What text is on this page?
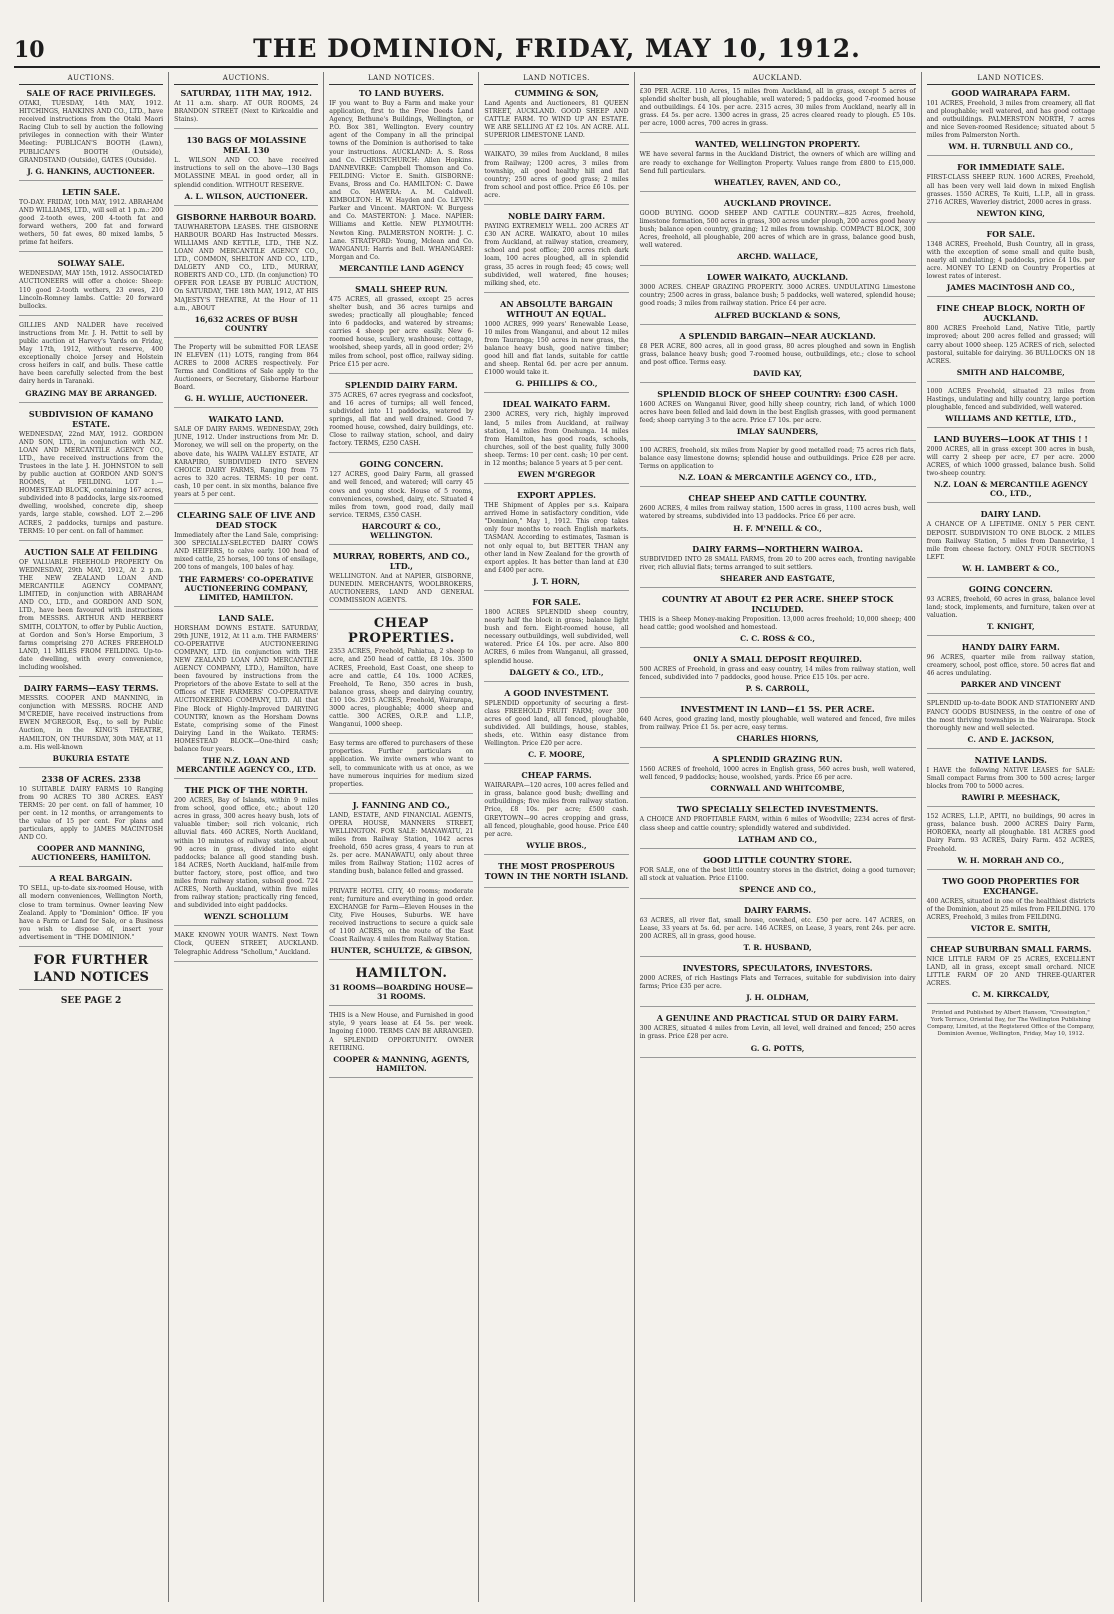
10	THE DOMINION, FRIDAY, MAY 10, 1912.
AUCTIONS.
SALE OF RACE PRIVILEGES.
OTAKI, TUESDAY, 14th MAY, 1912. HITCHINGS, HANKINS AND CO., LTD., have received instructions from the Otaki Maori Racing Club to sell by auction the following privileges in connection with their Winter Meeting: PUBLICAN'S BOOTH (Lawn), PUBLICAN'S BOOTH (Outside), GRANDSTAND (Outside), GATES (Outside).
J. G. HANKINS, AUCTIONEER.
LETIN SALE.
TO-DAY. FRIDAY, 10th MAY, 1912. ABRAHAM AND WILLIAMS, LTD., will sell at 1 p.m.: 200 good 2-tooth ewes, 200 4-tooth fat and forward wethers, 200 fat and forward wethers, 50 fat ewes, 80 mixed lambs, 5 prime fat heifers.
SOLWAY SALE.
WEDNESDAY, MAY 15th, 1912. ASSOCIATED AUCTIONEERS will offer a choice: Sheep: 110 good 2-tooth wethers, 23 ewes, 210 Lincoln-Romney lambs. Cattle: 20 forward bullocks.
GILLIES AND NALDER have received instructions from Mr. J. H. Pettit to sell by public auction at Harvey's Yards on Friday, May 17th, 1912, without reserve, 400 exceptionally choice Jersey and Holstein cross heifers in calf, and bulls. These cattle have been carefully selected from the best dairy herds in Taranaki.
GRAZING MAY BE ARRANGED.
SUBDIVISION OF KAMANO ESTATE.
WEDNESDAY, 22nd MAY, 1912. GORDON AND SON, LTD., in conjunction with N.Z. LOAN AND MERCANTILE AGENCY CO., LTD., have received instructions from the Trustees in the late J. H. JOHNSTON to sell by public auction at GORDON AND SON'S ROOMS, at FEILDING. LOT 1.—HOMESTEAD BLOCK, containing 167 acres, subdivided into 8 paddocks, large six-roomed dwelling, woolshed, concrete dip, sheep yards, large stable, cowshed. LOT 2.—296 ACRES, 2 paddocks, turnips and pasture. TERMS: 10 per cent. on fall of hammer.
AUCTION SALE AT FEILDING
OF VALUABLE FREEHOLD PROPERTY On WEDNESDAY, 29th MAY, 1912, At 2 p.m. THE NEW ZEALAND LOAN AND MERCANTILE AGENCY COMPANY, LIMITED, in conjunction with ABRAHAM AND CO., LTD., and GORDON AND SON, LTD., have been favoured with instructions from MESSRS. ARTHUR AND HERBERT SMITH, COLYTON, to offer by Public Auction, at Gordon and Son's Horse Emporium, 3 farms comprising 270 ACRES FREEHOLD LAND, 11 MILES FROM FEILDING. Up-to-date dwelling, with every convenience, including woolshed.
DAIRY FARMS—EASY TERMS.
MESSRS. COOPER AND MANNING, in conjunction with MESSRS. ROCHE AND M'CREDIE, have received instructions from EWEN M'GREGOR, Esq., to sell by Public Auction, in the KING'S THEATRE, HAMILTON, ON THURSDAY, 30th MAY, at 11 a.m. His well-known
BUKURIA ESTATE
2338 OF ACRES. 2338
10 SUITABLE DAIRY FARMS 10 Ranging from 90 ACRES TO 380 ACRES. EASY TERMS: 20 per cent. on fall of hammer, 10 per cent. in 12 months, or arrangements to the value of 15 per cent. For plans and particulars, apply to JAMES MACINTOSH AND CO.
COOPER AND MANNING, AUCTIONEERS, HAMILTON.
A REAL BARGAIN.
TO SELL, up-to-date six-roomed House, with all modern conveniences, Wellington North, close to tram terminus. Owner leaving New Zealand. Apply to "Dominion" Office. IF you have a Farm or Land for Sale, or a Business you wish to dispose of, insert your advertisement in "THE DOMINION."
FOR FURTHER
LAND NOTICES
SEE PAGE 2
AUCTIONS.
SATURDAY, 11TH MAY, 1912.
At 11 a.m. sharp. AT OUR ROOMS, 24 BRANDON STREET (Next to Kirkcaldie and Stains).
130 BAGS OF MOLASSINE MEAL 130
L. WILSON AND CO. have received instructions to sell on the above—130 Bags MOLASSINE MEAL in good order, all in splendid condition. WITHOUT RESERVE.
A. L. WILSON, AUCTIONEER.
GISBORNE HARBOUR BOARD.
TAUWHARETOPA LEASES. THE GISBORNE HARBOUR BOARD Has Instructed Messrs. WILLIAMS AND KETTLE, LTD., THE N.Z. LOAN AND MERCANTILE AGENCY CO., LTD., COMMON, SHELTON AND CO., LTD., DALGETY AND CO., LTD., MURRAY, ROBERTS AND CO., LTD. (In conjunction) TO OFFER FOR LEASE BY PUBLIC AUCTION, On SATURDAY, THE 18th MAY, 1912, AT HIS MAJESTY'S THEATRE, At the Hour of 11 a.m., ABOUT
16,632 ACRES OF BUSH COUNTRY
The Property will be submitted FOR LEASE IN ELEVEN (11) LOTS, ranging from 864 ACRES to 2008 ACRES respectively. For Terms and Conditions of Sale apply to the Auctioneers, or Secretary, Gisborne Harbour Board.
G. H. WYLLIE, AUCTIONEER.
WAIKATO LAND.
SALE OF DAIRY FARMS. WEDNESDAY, 29th JUNE, 1912. Under instructions from Mr. D. Moroney, we will sell on the property, on the above date, his WAIPA VALLEY ESTATE, AT KARAPIRO, SUBDIVIDED INTO SEVEN CHOICE DAIRY FARMS, Ranging from 75 acres to 320 acres. TERMS: 10 per cent. cash, 10 per cent. in six months, balance five years at 5 per cent.
CLEARING SALE OF LIVE AND DEAD STOCK
Immediately after the Land Sale, comprising: 300 SPECIALLY-SELECTED DAIRY COWS AND HEIFERS, to calve early. 100 head of mixed cattle, 25 horses, 100 tons of ensilage, 200 tons of mangels, 100 bales of hay.
THE FARMERS' CO-OPERATIVE AUCTIONEERING COMPANY, LIMITED, HAMILTON.
LAND SALE.
HORSHAM DOWNS ESTATE. SATURDAY, 29th JUNE, 1912, At 11 a.m. THE FARMERS' CO-OPERATIVE AUCTIONEERING COMPANY, LTD. (in conjunction with THE NEW ZEALAND LOAN AND MERCANTILE AGENCY COMPANY, LTD.), Hamilton, have been favoured by instructions from the Proprietors of the above Estate to sell at the Offices of THE FARMERS' CO-OPERATIVE AUCTIONEERING COMPANY, LTD. All that Fine Block of Highly-Improved DAIRYING COUNTRY, known as the Horsham Downs Estate, comprising some of the Finest Dairying Land in the Waikato. TERMS: HOMESTEAD BLOCK—One-third cash; balance four years.
THE N.Z. LOAN AND MERCANTILE AGENCY CO., LTD.
THE PICK OF THE NORTH.
200 ACRES, Bay of Islands, within 9 miles from school, good office, etc.; about 120 acres in grass, 300 acres heavy bush, lots of valuable timber; soil rich volcanic, rich alluvial flats. 460 ACRES, North Auckland, within 10 minutes of railway station, about 90 acres in grass, divided into eight paddocks; balance all good standing bush. 184 ACRES, North Auckland, half-mile from butter factory, store, post office, and two miles from railway station, subsoil good. 724 ACRES, North Auckland, within five miles from railway station; practically ring fenced, and subdivided into eight paddocks.
WENZL SCHOLLUM
MAKE KNOWN YOUR WANTS. Next Town Clock, QUEEN STREET, AUCKLAND. Telegraphic Address "Schollum," Auckland.
LAND NOTICES.
TO LAND BUYERS.
IF you want to Buy a Farm and make your application, first to the Free Deeds Land Agency, Bethune's Buildings, Wellington, or P.O. Box 381, Wellington. Every country agent of the Company in all the principal towns of the Dominion is authorised to take your instructions. AUCKLAND: A. S. Ross and Co. CHRISTCHURCH: Allen Hopkins. DANNEVIRKE: Campbell Thomson and Co. FEILDING: Victor E. Smith. GISBORNE: Evans, Bross and Co. HAMILTON: C. Dawe and Co. HAWERA: A. M. Caldwell. KIMBOLTON: H. W. Hayden and Co. LEVIN: Parker and Vincent. MARTON: W. Burgess and Co. MASTERTON: J. Mace. NAPIER: Williams and Kettle. NEW PLYMOUTH: Newton King. PALMERSTON NORTH: J. C. Lane. STRATFORD: Young, Mclean and Co. WANGANUI: Harris and Bell. WHANGAREI: Morgan and Co.
MERCANTILE LAND AGENCY
SMALL SHEEP RUN.
475 ACRES, all grassed, except 25 acres shelter bush, and 36 acres turnips and swedes; practically all ploughable; fenced into 6 paddocks, and watered by streams; carries 4 sheep per acre easily. New 6-roomed house, scullery, washhouse; cottage, woolshed, sheep yards, all in good order; 2½ miles from school, post office, railway siding. Price £15 per acre.
SPLENDID DAIRY FARM.
375 ACRES, 67 acres ryegrass and cocksfoot, and 16 acres of turnips; all well fenced, subdivided into 11 paddocks, watered by springs, all flat and well drained. Good 7-roomed house, cowshed, dairy buildings, etc. Close to railway station, school, and dairy factory. TERMS, £250 CASH.
GOING CONCERN.
127 ACRES, good Dairy Farm, all grassed and well fenced, and watered; will carry 45 cows and young stock. House of 5 rooms, conveniences, cowshed, dairy, etc. Situated 4 miles from town, good road, daily mail service. TERMS, £350 CASH.
HARCOURT & CO., WELLINGTON.
MURRAY, ROBERTS, AND CO., LTD.,
WELLINGTON. And at NAPIER, GISBORNE, DUNEDIN. MERCHANTS, WOOLBROKERS, AUCTIONEERS, LAND AND GENERAL COMMISSION AGENTS.
CHEAP PROPERTIES.
2353 ACRES, Freehold, Pahiatua, 2 sheep to acre, and 250 head of cattle, £8 10s. 3500 ACRES, Freehold, East Coast, one sheep to acre and cattle, £4 10s. 1000 ACRES, Freehold, Te Reno, 350 acres in bush, balance grass, sheep and dairying country, £10 10s. 2915 ACRES, Freehold, Wairarapa, 3000 acres, ploughable; 4000 sheep and cattle. 300 ACRES, O.R.P. and L.I.P., Wanganui, 1000 sheep.
Easy terms are offered to purchasers of these properties. Further particulars on application. We invite owners who want to sell, to communicate with us at once, as we have numerous inquiries for medium sized properties.
J. FANNING AND CO.,
LAND, ESTATE, AND FINANCIAL AGENTS, OPERA HOUSE, MANNERS STREET, WELLINGTON. FOR SALE: MANAWATU, 21 miles from Railway Station, 1042 acres freehold, 650 acres grass, 4 years to run at 2s. per acre. MANAWATU, only about three miles from Railway Station; 1102 acres of standing bush, balance felled and grassed.
PRIVATE HOTEL CITY, 40 rooms; moderate rent; furniture and everything in good order. EXCHANGE for Farm—Eleven Houses in the City, Five Houses, Suburbs. WE have received instructions to secure a quick sale of 1100 ACRES, on the route of the East Coast Railway. 4 miles from Railway Station.
HUNTER, SCHULTZE, & GIBSON,
HAMILTON.
31 ROOMS—BOARDING HOUSE—31 ROOMS.
THIS is a New House, and Furnished in good style, 9 years lease at £4 5s. per week. Ingoing £1000. TERMS CAN BE ARRANGED. A SPLENDID OPPORTUNITY. OWNER RETIRING.
COOPER & MANNING, AGENTS, HAMILTON.
LAND NOTICES.
CUMMING & SON,
Land Agents and Auctioneers, 81 QUEEN STREET, AUCKLAND. GOOD SHEEP AND CATTLE FARM. TO WIND UP AN ESTATE. WE ARE SELLING AT £2 10s. AN ACRE. ALL SUPERIOR LIMESTONE LAND.
WAIKATO, 39 miles from Auckland, 8 miles from Railway; 1200 acres, 3 miles from township, all good healthy hill and flat country; 250 acres of good grass; 2 miles from school and post office. Price £6 10s. per acre.
NOBLE DAIRY FARM.
PAYING EXTREMELY WELL. 200 ACRES AT £30 AN ACRE. WAIKATO, about 10 miles from Auckland, at railway station, creamery, school and post office; 200 acres rich dark loam, 100 acres ploughed, all in splendid grass, 35 acres in rough feed; 45 cows; well subdivided, well watered, fine houses; milking shed, etc.
AN ABSOLUTE BARGAIN WITHOUT AN EQUAL.
1000 ACRES, 999 years' Renewable Lease, 10 miles from Wanganui, and about 12 miles from Tauranga; 150 acres in new grass, the balance heavy bush, good native timber; good hill and flat lands, suitable for cattle and sheep. Rental 6d. per acre per annum. £1000 would take it.
G. PHILLIPS & CO.,
IDEAL WAIKATO FARM.
2300 ACRES, very rich, highly improved land, 5 miles from Auckland, at railway station, 14 miles from Onehunga. 14 miles from Hamilton, has good roads, schools, churches, soil of the best quality, fully 3000 sheep. Terms: 10 per cent. cash; 10 per cent. in 12 months; balance 5 years at 5 per cent.
EWEN M'GREGOR
EXPORT APPLES.
THE Shipment of Apples per s.s. Kaipara arrived Home in satisfactory condition, vide "Dominion," May 1, 1912. This crop takes only four months to reach English markets. TASMAN. According to estimates, Tasman is not only equal to, but BETTER THAN any other land in New Zealand for the growth of export apples. It has better than land at £30 and £400 per acre.
J. T. HORN,
FOR SALE.
1800 ACRES SPLENDID sheep country, nearly half the block in grass; balance light bush and fern. Eight-roomed house, all necessary outbuildings, well subdivided, well watered. Price £4 10s. per acre. Also 800 ACRES, 6 miles from Wanganui, all grassed, splendid house.
DALGETY & CO., LTD.,
A GOOD INVESTMENT.
SPLENDID opportunity of securing a first-class FREEHOLD FRUIT FARM; over 300 acres of good land, all fenced, ploughable, subdivided. All buildings, house, stables, sheds, etc. Within easy distance from Wellington. Price £20 per acre.
C. F. MOORE,
CHEAP FARMS.
WAIRARAPA—120 acres, 100 acres felled and in grass, balance good bush; dwelling and outbuildings; five miles from railway station. Price, £8 10s. per acre; £500 cash. GREYTOWN—90 acres cropping and grass, all fenced, ploughable, good house. Price £40 per acre.
WYLIE BROS.,
THE MOST PROSPEROUS TOWN IN THE NORTH ISLAND.
AUCKLAND.
£30 PER ACRE. 110 Acres, 15 miles from Auckland, all in grass, except 5 acres of splendid shelter bush, all ploughable, well watered; 5 paddocks, good 7-roomed house and outbuildings. £4 10s. per acre. 2315 acres, 30 miles from Auckland, nearly all in grass. £4 5s. per acre. 1300 acres in grass, 25 acres cleared ready to plough. £5 10s. per acre, 1000 acres, 700 acres in grass.
WANTED, WELLINGTON PROPERTY.
WE have several farms in the Auckland District, the owners of which are willing and are ready to exchange for Wellington Property. Values range from £800 to £15,000. Send full particulars.
WHEATLEY, RAVEN, AND CO.,
AUCKLAND PROVINCE.
GOOD BUYING. GOOD SHEEP AND CATTLE COUNTRY.—825 Acres, freehold, limestone formation, 500 acres in grass, 300 acres under plough, 200 acres good heavy bush; balance open country, grazing; 12 miles from township. COMPACT BLOCK, 300 Acres, freehold, all ploughable, 200 acres of which are in grass, balance good bush, well watered.
ARCHD. WALLACE,
LOWER WAIKATO, AUCKLAND.
3000 ACRES. CHEAP GRAZING PROPERTY. 3000 ACRES. UNDULATING Limestone country; 2500 acres in grass, balance bush; 5 paddocks, well watered, splendid house; good roads; 3 miles from railway station. Price £4 per acre.
ALFRED BUCKLAND & SONS,
A SPLENDID BARGAIN—NEAR AUCKLAND.
£8 PER ACRE, 800 acres, all in good grass, 80 acres ploughed and sown in English grass, balance heavy bush; good 7-roomed house, outbuildings, etc.; close to school and post office. Terms easy.
DAVID KAY,
SPLENDID BLOCK OF SHEEP COUNTRY: £300 CASH.
1600 ACRES on Wanganui River, good hilly sheep country, rich land, of which 1000 acres have been felled and laid down in the best English grasses, with good permanent feed; sheep carrying 3 to the acre. Price £7 10s. per acre.
IMLAY SAUNDERS,
100 ACRES, freehold, six miles from Napier by good metalled road; 75 acres rich flats, balance easy limestone downs; splendid house and outbuildings. Price £28 per acre. Terms on application to
N.Z. LOAN & MERCANTILE AGENCY CO., LTD.,
CHEAP SHEEP AND CATTLE COUNTRY.
2600 ACRES, 4 miles from railway station, 1500 acres in grass, 1100 acres bush, well watered by streams, subdivided into 13 paddocks. Price £6 per acre.
H. F. M'NEILL & CO.,
DAIRY FARMS—NORTHERN WAIROA.
SUBDIVIDED INTO 28 SMALL FARMS, from 20 to 200 acres each, fronting navigable river, rich alluvial flats; terms arranged to suit settlers.
SHEARER AND EASTGATE,
COUNTRY AT ABOUT £2 PER ACRE. SHEEP STOCK INCLUDED.
THIS is a Sheep Money-making Proposition. 13,000 acres freehold; 10,000 sheep; 400 head cattle; good woolshed and homestead.
C. C. ROSS & CO.,
ONLY A SMALL DEPOSIT REQUIRED.
500 ACRES of Freehold, in grass and easy country, 14 miles from railway station, well fenced, subdivided into 7 paddocks, good house. Price £15 10s. per acre.
P. S. CARROLL,
INVESTMENT IN LAND—£1 5S. PER ACRE.
640 Acres, good grazing land, mostly ploughable, well watered and fenced, five miles from railway. Price £1 5s. per acre, easy terms.
CHARLES HIORNS,
A SPLENDID GRAZING RUN.
1560 ACRES of freehold, 1000 acres in English grass, 560 acres bush, well watered, well fenced, 9 paddocks; house, woolshed, yards. Price £6 per acre.
CORNWALL AND WHITCOMBE,
TWO SPECIALLY SELECTED INVESTMENTS.
A CHOICE AND PROFITABLE FARM, within 6 miles of Woodville; 2234 acres of first-class sheep and cattle country; splendidly watered and subdivided.
LATHAM AND CO.,
GOOD LITTLE COUNTRY STORE.
FOR SALE, one of the best little country stores in the district, doing a good turnover; all stock at valuation. Price £1100.
SPENCE AND CO.,
DAIRY FARMS.
63 ACRES, all river flat, small house, cowshed, etc. £50 per acre. 147 ACRES, on Lease, 33 years at 5s. 6d. per acre. 146 ACRES, on Lease, 3 years, rent 24s. per acre. 200 ACRES, all in grass, good house.
T. R. HUSBAND,
INVESTORS, SPECULATORS, INVESTORS.
2000 ACRES, of rich Hastings Flats and Terraces, suitable for subdivision into dairy farms; Price £35 per acre.
J. H. OLDHAM,
A GENUINE AND PRACTICAL STUD OR DAIRY FARM.
300 ACRES, situated 4 miles from Levin, all level, well drained and fenced; 250 acres in grass. Price £28 per acre.
G. G. POTTS,
LAND NOTICES.
GOOD WAIRARAPA FARM.
101 ACRES, Freehold, 3 miles from creamery, all flat and ploughable; well watered, and has good cottage and outbuildings. PALMERSTON NORTH, 7 acres and nice Seven-roomed Residence; situated about 5 miles from Palmerston North.
WM. H. TURNBULL AND CO.,
FOR IMMEDIATE SALE.
FIRST-CLASS SHEEP RUN. 1600 ACRES, Freehold, all has been very well laid down in mixed English grasses. 1550 ACRES, Te Kuiti, L.I.P., all in grass. 2716 ACRES, Waverley district, 2000 acres in grass.
NEWTON KING,
FOR SALE.
1348 ACRES, Freehold, Bush Country, all in grass, with the exception of some small and quite bush, nearly all undulating; 4 paddocks, price £4 10s. per acre. MONEY TO LEND on Country Properties at lowest rates of interest.
JAMES MACINTOSH AND CO.,
FINE CHEAP BLOCK, NORTH OF AUCKLAND.
800 ACRES Freehold Land, Native Title, partly improved; about 200 acres felled and grassed; will carry about 1000 sheep. 125 ACRES of rich, selected pastoral, suitable for dairying. 36 BULLOCKS ON 18 ACRES.
SMITH AND HALCOMBE,
1000 ACRES Freehold, situated 23 miles from Hastings, undulating and hilly country, large portion ploughable, fenced and subdivided, well watered.
WILLIAMS AND KETTLE, LTD.,
LAND BUYERS—LOOK AT THIS ! !
2000 ACRES, all in grass except 300 acres in bush, will carry 2 sheep per acre, £7 per acre. 2000 ACRES, of which 1000 grassed, balance bush. Solid two-sheep country.
N.Z. LOAN & MERCANTILE AGENCY CO., LTD.,
DAIRY LAND.
A CHANCE OF A LIFETIME. ONLY 5 PER CENT. DEPOSIT. SUBDIVISION TO ONE BLOCK. 2 MILES from Railway Station, 5 miles from Dannevirke, 1 mile from cheese factory. ONLY FOUR SECTIONS LEFT.
W. H. LAMBERT & CO.,
GOING CONCERN.
93 ACRES, freehold, 60 acres in grass, balance level land; stock, implements, and furniture, taken over at valuation.
T. KNIGHT,
HANDY DAIRY FARM.
96 ACRES, quarter mile from railway station, creamery, school, post office, store. 50 acres flat and 46 acres undulating.
PARKER AND VINCENT
SPLENDID up-to-date BOOK AND STATIONERY AND FANCY GOODS BUSINESS, in the centre of one of the most thriving townships in the Wairarapa. Stock thoroughly new and well selected.
C. AND E. JACKSON,
NATIVE LANDS.
I HAVE the following NATIVE LEASES for SALE: Small compact Farms from 300 to 500 acres; larger blocks from 700 to 5000 acres.
RAWIRI P. MEESHACK,
152 ACRES, L.I.P., APITI, no buildings, 90 acres in grass, balance bush. 2000 ACRES Dairy Farm, HOROEKA, nearly all ploughable. 181 ACRES good Dairy Farm. 93 ACRES, Dairy Farm. 452 ACRES, Freehold.
W. H. MORRAH AND CO.,
TWO GOOD PROPERTIES FOR EXCHANGE.
400 ACRES, situated in one of the healthiest districts of the Dominion, about 25 miles from FEILDING. 170 ACRES, Freehold, 3 miles from FEILDING.
VICTOR E. SMITH,
CHEAP SUBURBAN SMALL FARMS.
NICE LITTLE FARM OF 25 ACRES, EXCELLENT LAND, all in grass, except small orchard. NICE LITTLE FARM OF 20 AND THREE-QUARTER ACRES.
C. M. KIRKCALDY,
Printed and Published by Albert Hansom, "Cressington," York Terrace, Oriental Bay, for The Wellington Publishing Company, Limited, at the Registered Office of the Company, Dominion Avenue, Wellington, Friday, May 10, 1912.
